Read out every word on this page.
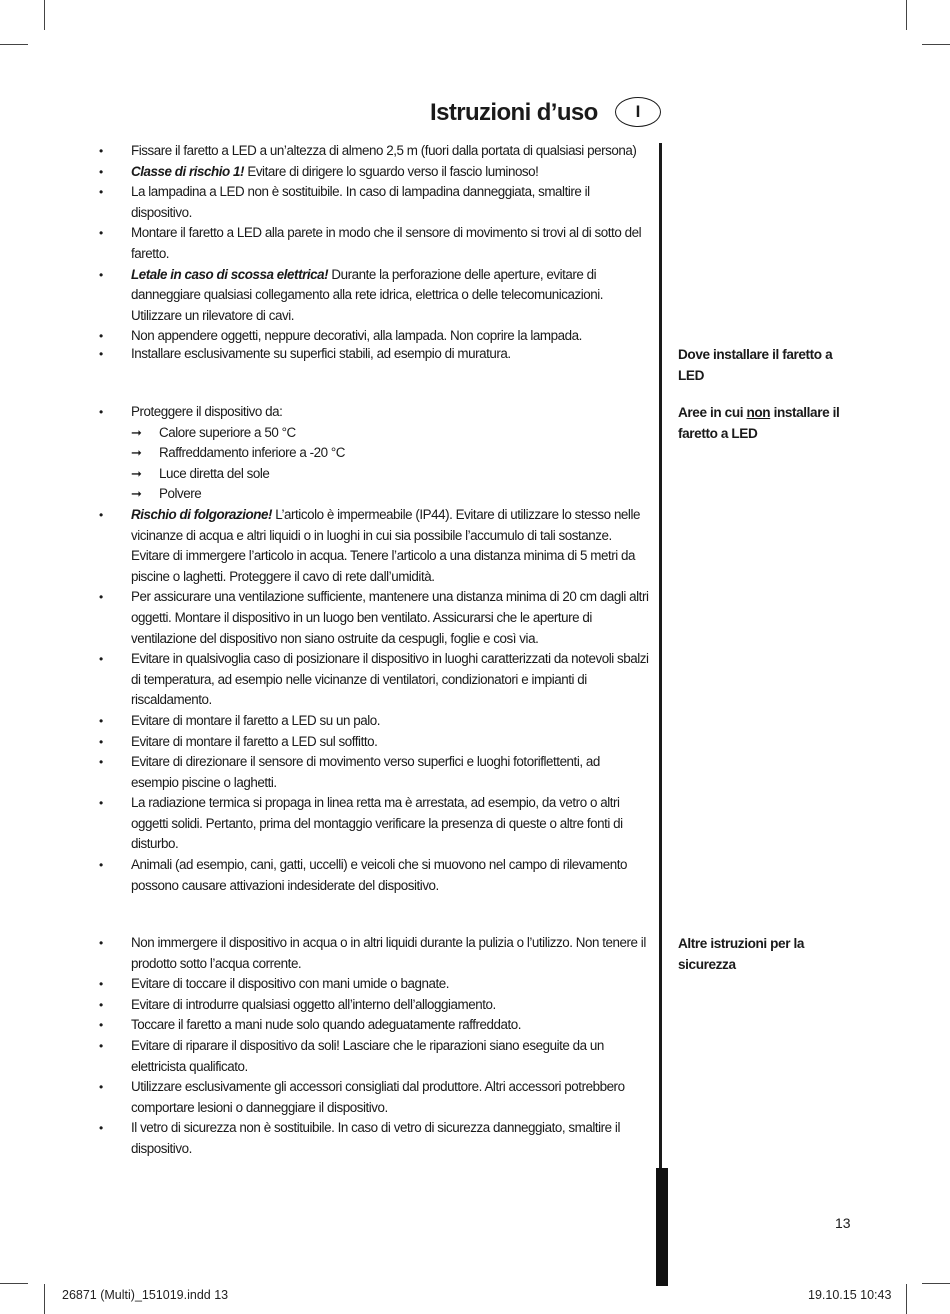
Istruzioni d’uso	I
• Fissare il faretto a LED a un’altezza di almeno 2,5 m (fuori dalla portata di qualsiasi persona)
• Classe di rischio 1! Evitare di dirigere lo sguardo verso il fascio luminoso!
• La lampadina a LED non è sostituibile. In caso di lampadina danneggiata, smaltire il dispositivo.
• Montare il faretto a LED alla parete in modo che il sensore di movimento si trovi al di sotto del faretto.
• Letale in caso di scossa elettrica! Durante la perforazione delle aperture, evitare di danneggiare qualsiasi collegamento alla rete idrica, elettrica o delle telecomunicazioni. Utilizzare un rilevatore di cavi.
• Non appendere oggetti, neppure decorativi, alla lampada. Non coprire la lampada.
• Installare esclusivamente su superfici stabili, ad esempio di muratura.	Dove installare il faretto a LED
• Proteggere il dispositivo da:
➞ Calore superiore a 50 °C
➞ Raffreddamento inferiore a -20 °C
➞ Luce diretta del sole
➞ Polvere
• Rischio di folgorazione! L’articolo è impermeabile (IP44). Evitare di utilizzare lo stesso nelle vicinanze di acqua e altri liquidi o in luoghi in cui sia possibile l’accumulo di tali sostanze. Evitare di immergere l’articolo in acqua. Tenere l’articolo a una distanza minima di 5 metri da piscine o laghetti. Proteggere il cavo di rete dall’umidità.
• Per assicurare una ventilazione sufficiente, mantenere una distanza minima di 20 cm dagli altri oggetti. Montare il dispositivo in un luogo ben ventilato. Assicurarsi che le aperture di ventilazione del dispositivo non siano ostruite da cespugli, foglie e così via.
• Evitare in qualsivoglia caso di posizionare il dispositivo in luoghi caratterizzati da notevoli sbalzi di temperatura, ad esempio nelle vicinanze di ventilatori, condizionatori e impianti di riscaldamento.
• Evitare di montare il faretto a LED su un palo.
• Evitare di montare il faretto a LED sul soffitto.
• Evitare di direzionare il sensore di movimento verso superfici e luoghi fotoriflettenti, ad esempio piscine o laghetti.
• La radiazione termica si propaga in linea retta ma è arrestata, ad esempio, da vetro o altri oggetti solidi. Pertanto, prima del montaggio verificare la presenza di queste o altre fonti di disturbo.
• Animali (ad esempio, cani, gatti, uccelli) e veicoli che si muovono nel campo di rilevamento possono causare attivazioni indesiderate del dispositivo.
Aree in cui non installare il faretto a LED
• Non immergere il dispositivo in acqua o in altri liquidi durante la pulizia o l’utilizzo. Non tenere il prodotto sotto l’acqua corrente.
• Evitare di toccare il dispositivo con mani umide o bagnate.
• Evitare di introdurre qualsiasi oggetto all’interno dell’alloggiamento.
• Toccare il faretto a mani nude solo quando adeguatamente raffreddato.
• Evitare di riparare il dispositivo da soli! Lasciare che le riparazioni siano eseguite da un elettricista qualificato.
• Utilizzare esclusivamente gli accessori consigliati dal produttore. Altri accessori potrebbero comportare lesioni o danneggiare il dispositivo.
• Il vetro di sicurezza non è sostituibile. In caso di vetro di sicurezza danneggiato, smaltire il dispositivo.
Altre istruzioni per la sicurezza
13
26871 (Multi)_151019.indd 13	19.10.15 10:43
